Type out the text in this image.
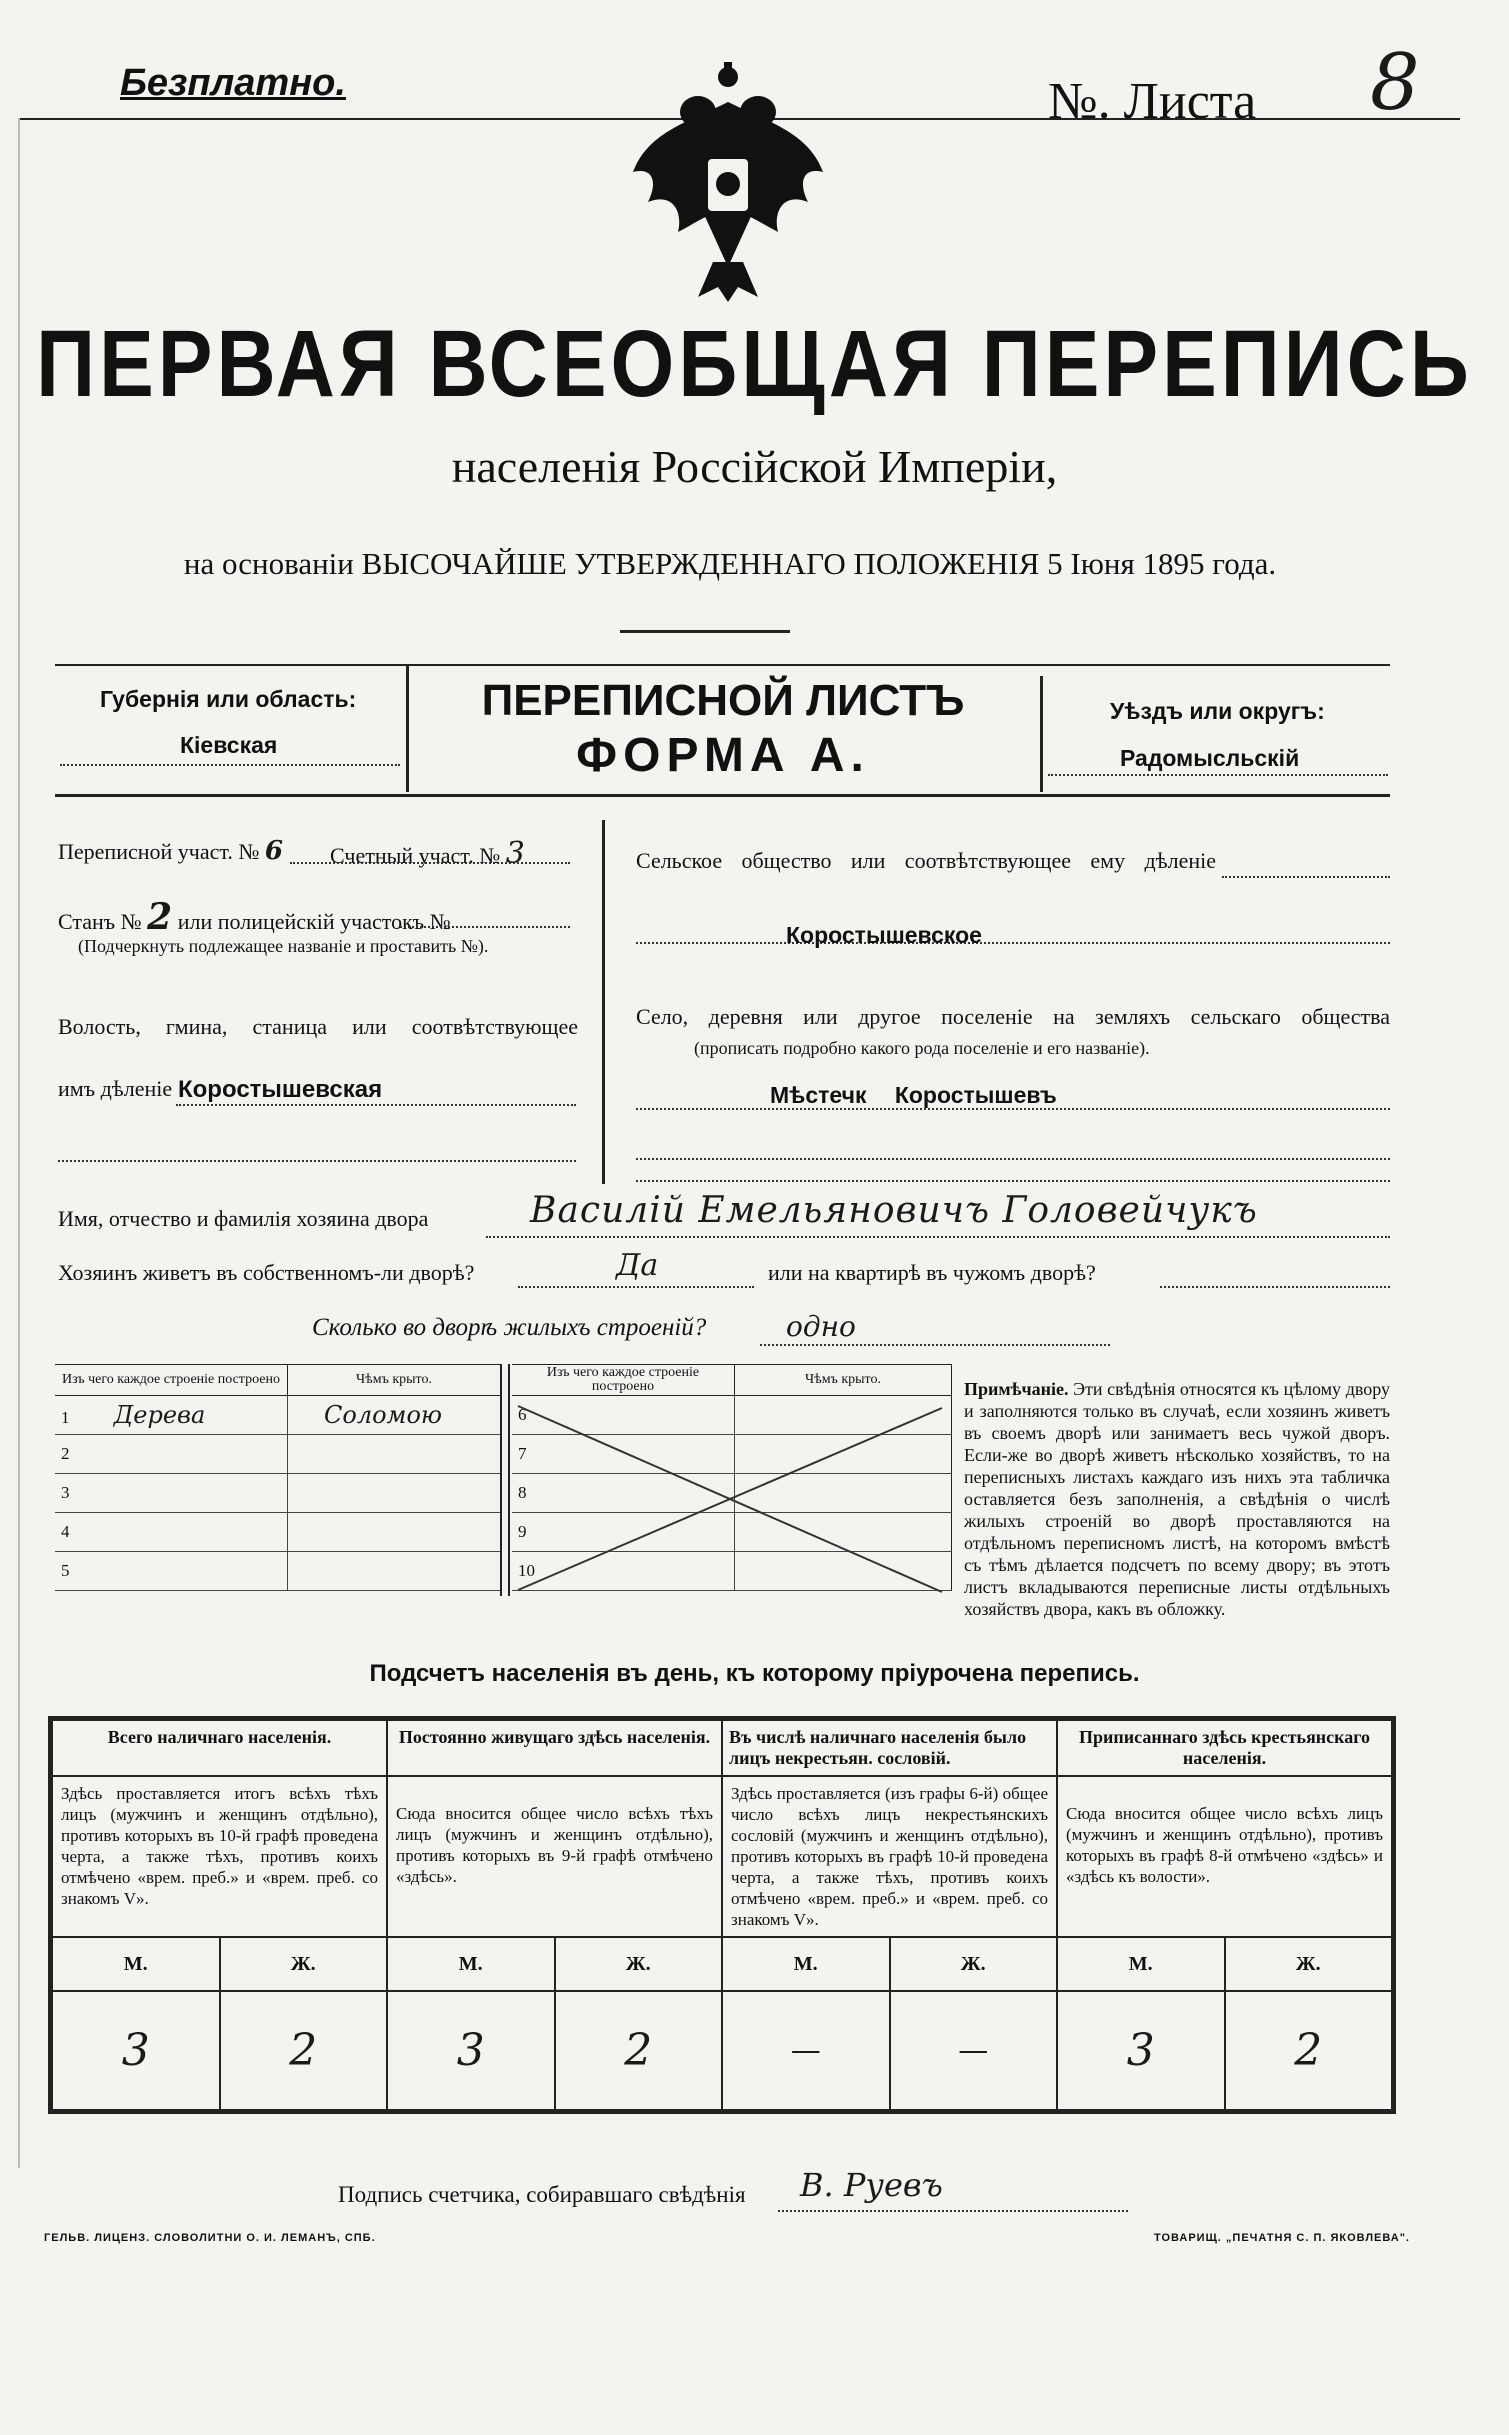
Безплатно.	№. Листа 8
ПЕРВАЯ ВСЕОБЩАЯ ПЕРЕПИСЬ
населенія Россійской Имперіи,
на основаніи ВЫСОЧАЙШЕ УТВЕРЖДЕННАГО ПОЛОЖЕНІЯ 5 Іюня 1895 года.
Губернія или область:
Кіевская
ПЕРЕПИСНОЙ ЛИСТЪ
ФОРМА А.
Уѣздъ или округъ:
Радомысльскій
Переписной участ. № 6 Счетный участ. № 3
Станъ № 2 или полицейскій участокъ №
(Подчеркнуть подлежащее названіе и проставить №).
Волость, гмина, станица или соотвѣтствующее
имъ дѣленіе Коростышевская
Сельское общество или соотвѣтствующее ему дѣленіе
Коростышевское
Село, деревня или другое поселеніе на земляхъ сельскаго общества
(прописать подробно какого рода поселеніе и его названіе).
Мѣстечк Коростышевъ
Имя, отчество и фамилія хозяина двора	Василій Емельяновичъ Головейчукъ
Хозяинъ живетъ въ собственномъ-ли дворѣ?	Да	или на квартирѣ въ чужомъ дворѣ?
Сколько во дворѣ жилыхъ строеній?	одно
Изъ чего каждое строеніе построено	Чѣмъ крыто.
1 Дерева	Соломою
2	
3	
4	
5	
Изъ чего каждое строеніе построено	Чѣмъ крыто.
6	
7	
8	
9	
10	
Примѣчаніе. Эти свѣдѣнія относятся къ цѣлому двору и заполняются только въ случаѣ, если хозяинъ живетъ въ своемъ дворѣ или занимаетъ весь чужой дворъ. Если-же во дворѣ живетъ нѣсколько хозяйствъ, то на переписныхъ листахъ каждаго изъ нихъ эта табличка оставляется безъ заполненія, а свѣдѣнія о числѣ жилыхъ строеній во дворѣ проставляются на отдѣльномъ переписномъ листѣ, на которомъ вмѣстѣ съ тѣмъ дѣлается подсчетъ по всему двору; въ этотъ листъ вкладываются переписные листы отдѣльныхъ хозяйствъ двора, какъ въ обложку.
Подсчетъ населенія въ день, къ которому пріурочена перепись.
Всего наличнаго населенія.		Постоянно живущаго здѣсь населенія.		Въ числѣ наличнаго населенія было лицъ некрестьян. сословій.		Приписаннаго здѣсь крестьянскаго населенія.	
Здѣсь проставляется итогъ всѣхъ тѣхъ лицъ (мужчинъ и женщинъ отдѣльно), противъ которыхъ въ 10-й графѣ проведена черта, а также тѣхъ, противъ коихъ отмѣчено «врем. преб.» и «врем. преб. со знакомъ V».		Сюда вносится общее число всѣхъ тѣхъ лицъ (мужчинъ и женщинъ отдѣльно), противъ которыхъ въ 9-й графѣ отмѣчено «здѣсь».		Здѣсь проставляется (изъ графы 6-й) общее число всѣхъ лицъ некрестьянскихъ сословій (мужчинъ и женщинъ отдѣльно), противъ которыхъ въ графѣ 10-й проведена черта, а также тѣхъ, противъ коихъ отмѣчено «врем. преб.» и «врем. преб. со знакомъ V».		Сюда вносится общее число всѣхъ лицъ (мужчинъ и женщинъ отдѣльно), противъ которыхъ въ графѣ 8-й отмѣчено «здѣсь» и «здѣсь къ волости».	
М.	Ж.	М.	Ж.	М.	Ж.	М.	Ж.
3	2	3	2	—	—	3	2
Подпись счетчика, собиравшаго свѣдѣнія В. Руевъ
ГЕЛЬВ. ЛИЦЕНЗ. СЛОВОЛИТНИ О. И. ЛЕМАНЪ, СПБ.	ТОВАРИЩ. „ПЕЧАТНЯ С. П. ЯКОВЛЕВА".
